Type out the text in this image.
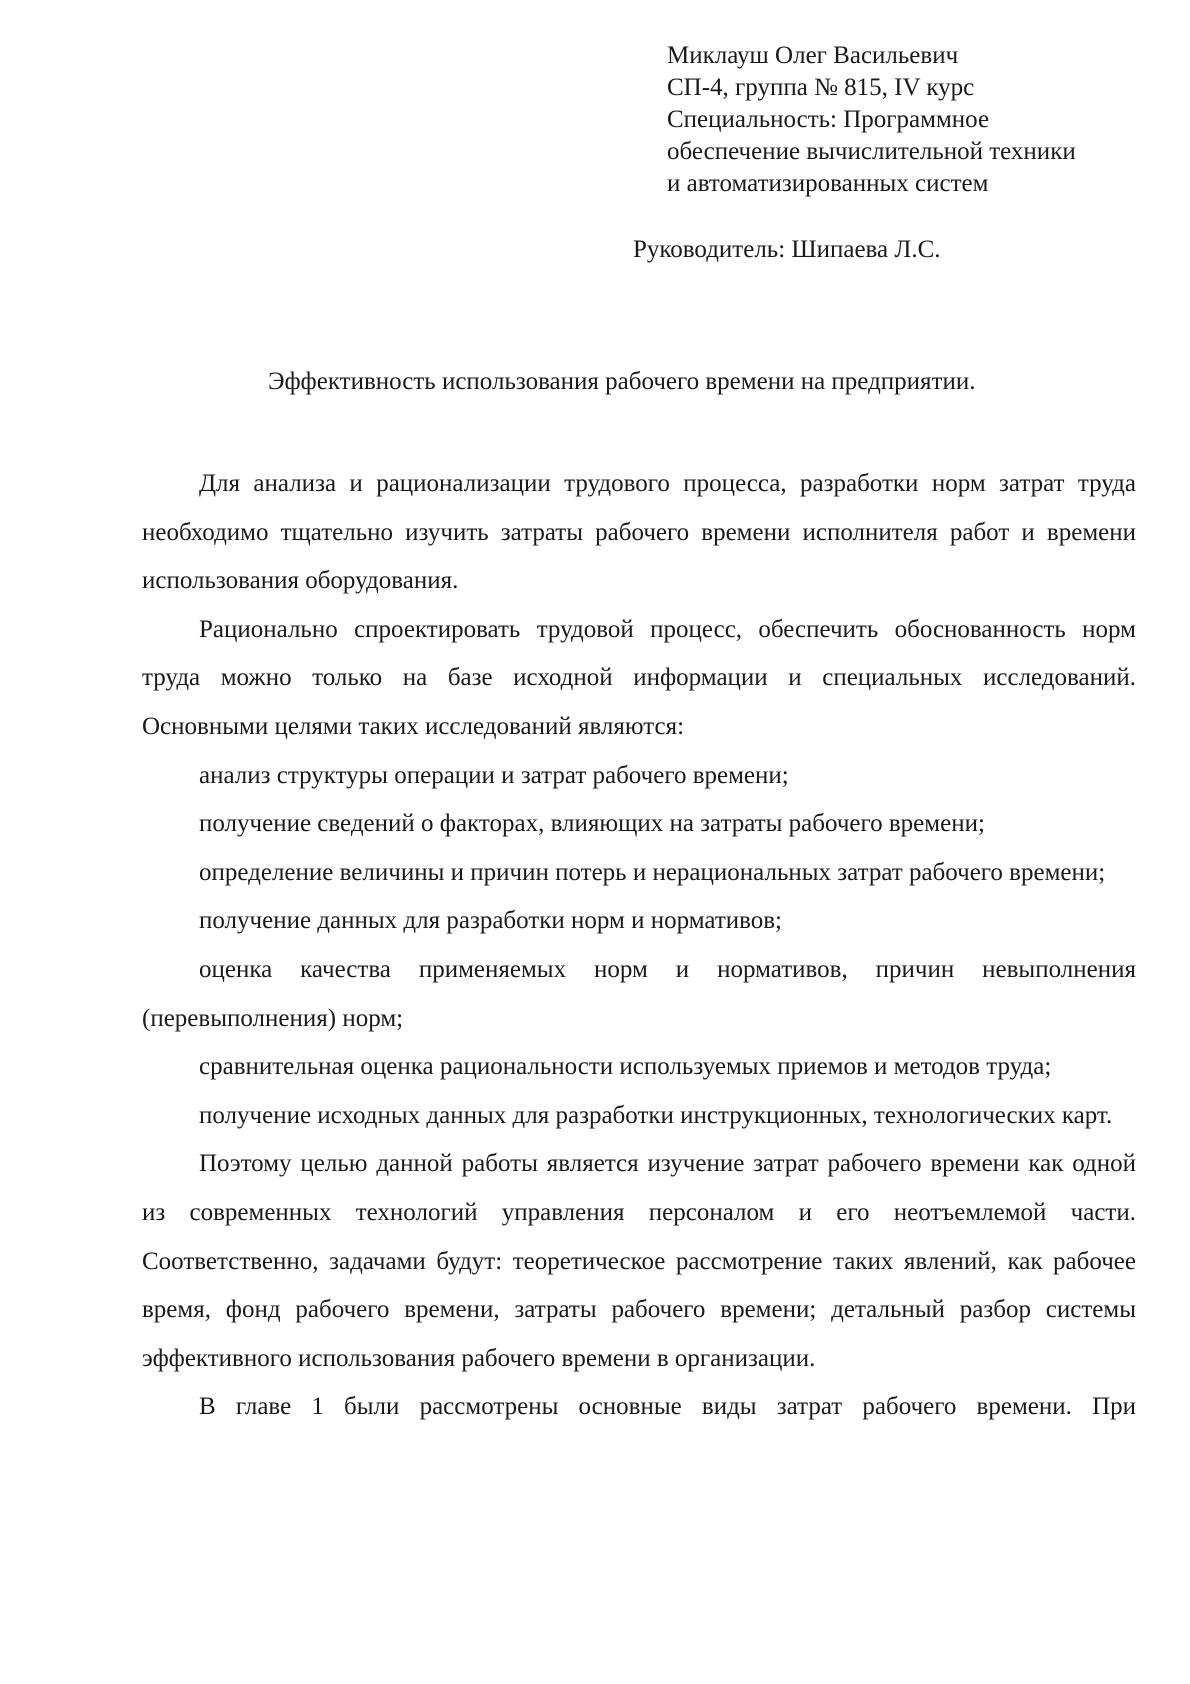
Миклауш Олег Васильевич
СП-4, группа № 815, IV курс
Специальность: Программное
обеспечение вычислительной техники
и автоматизированных систем
Руководитель: Шипаева Л.С.
Эффективность использования рабочего времени на предприятии.

Для анализа и рационализации трудового процесса, разработки норм затрат труда необходимо тщательно изучить затраты рабочего времени исполнителя работ и времени использования оборудования.

Рационально спроектировать трудовой процесс, обеспечить обоснованность норм труда можно только на базе исходной информации и специальных исследований. Основными целями таких исследований являются:

анализ структуры операции и затрат рабочего времени;

получение сведений о факторах, влияющих на затраты рабочего времени;

определение величины и причин потерь и нерациональных затрат рабочего времени;

получение данных для разработки норм и нормативов;

оценка качества применяемых норм и нормативов, причин невыполнения (перевыполнения) норм;

сравнительная оценка рациональности используемых приемов и методов труда;

получение исходных данных для разработки инструкционных, технологических карт.

Поэтому целью данной работы является изучение затрат рабочего времени как одной из современных технологий управления персоналом и его неотъемлемой части. Соответственно, задачами будут: теоретическое рассмотрение таких явлений, как рабочее время, фонд рабочего времени, затраты рабочего времени; детальный разбор системы эффективного использования рабочего времени в организации.

В главе 1 были рассмотрены основные виды затрат рабочего времени. При
